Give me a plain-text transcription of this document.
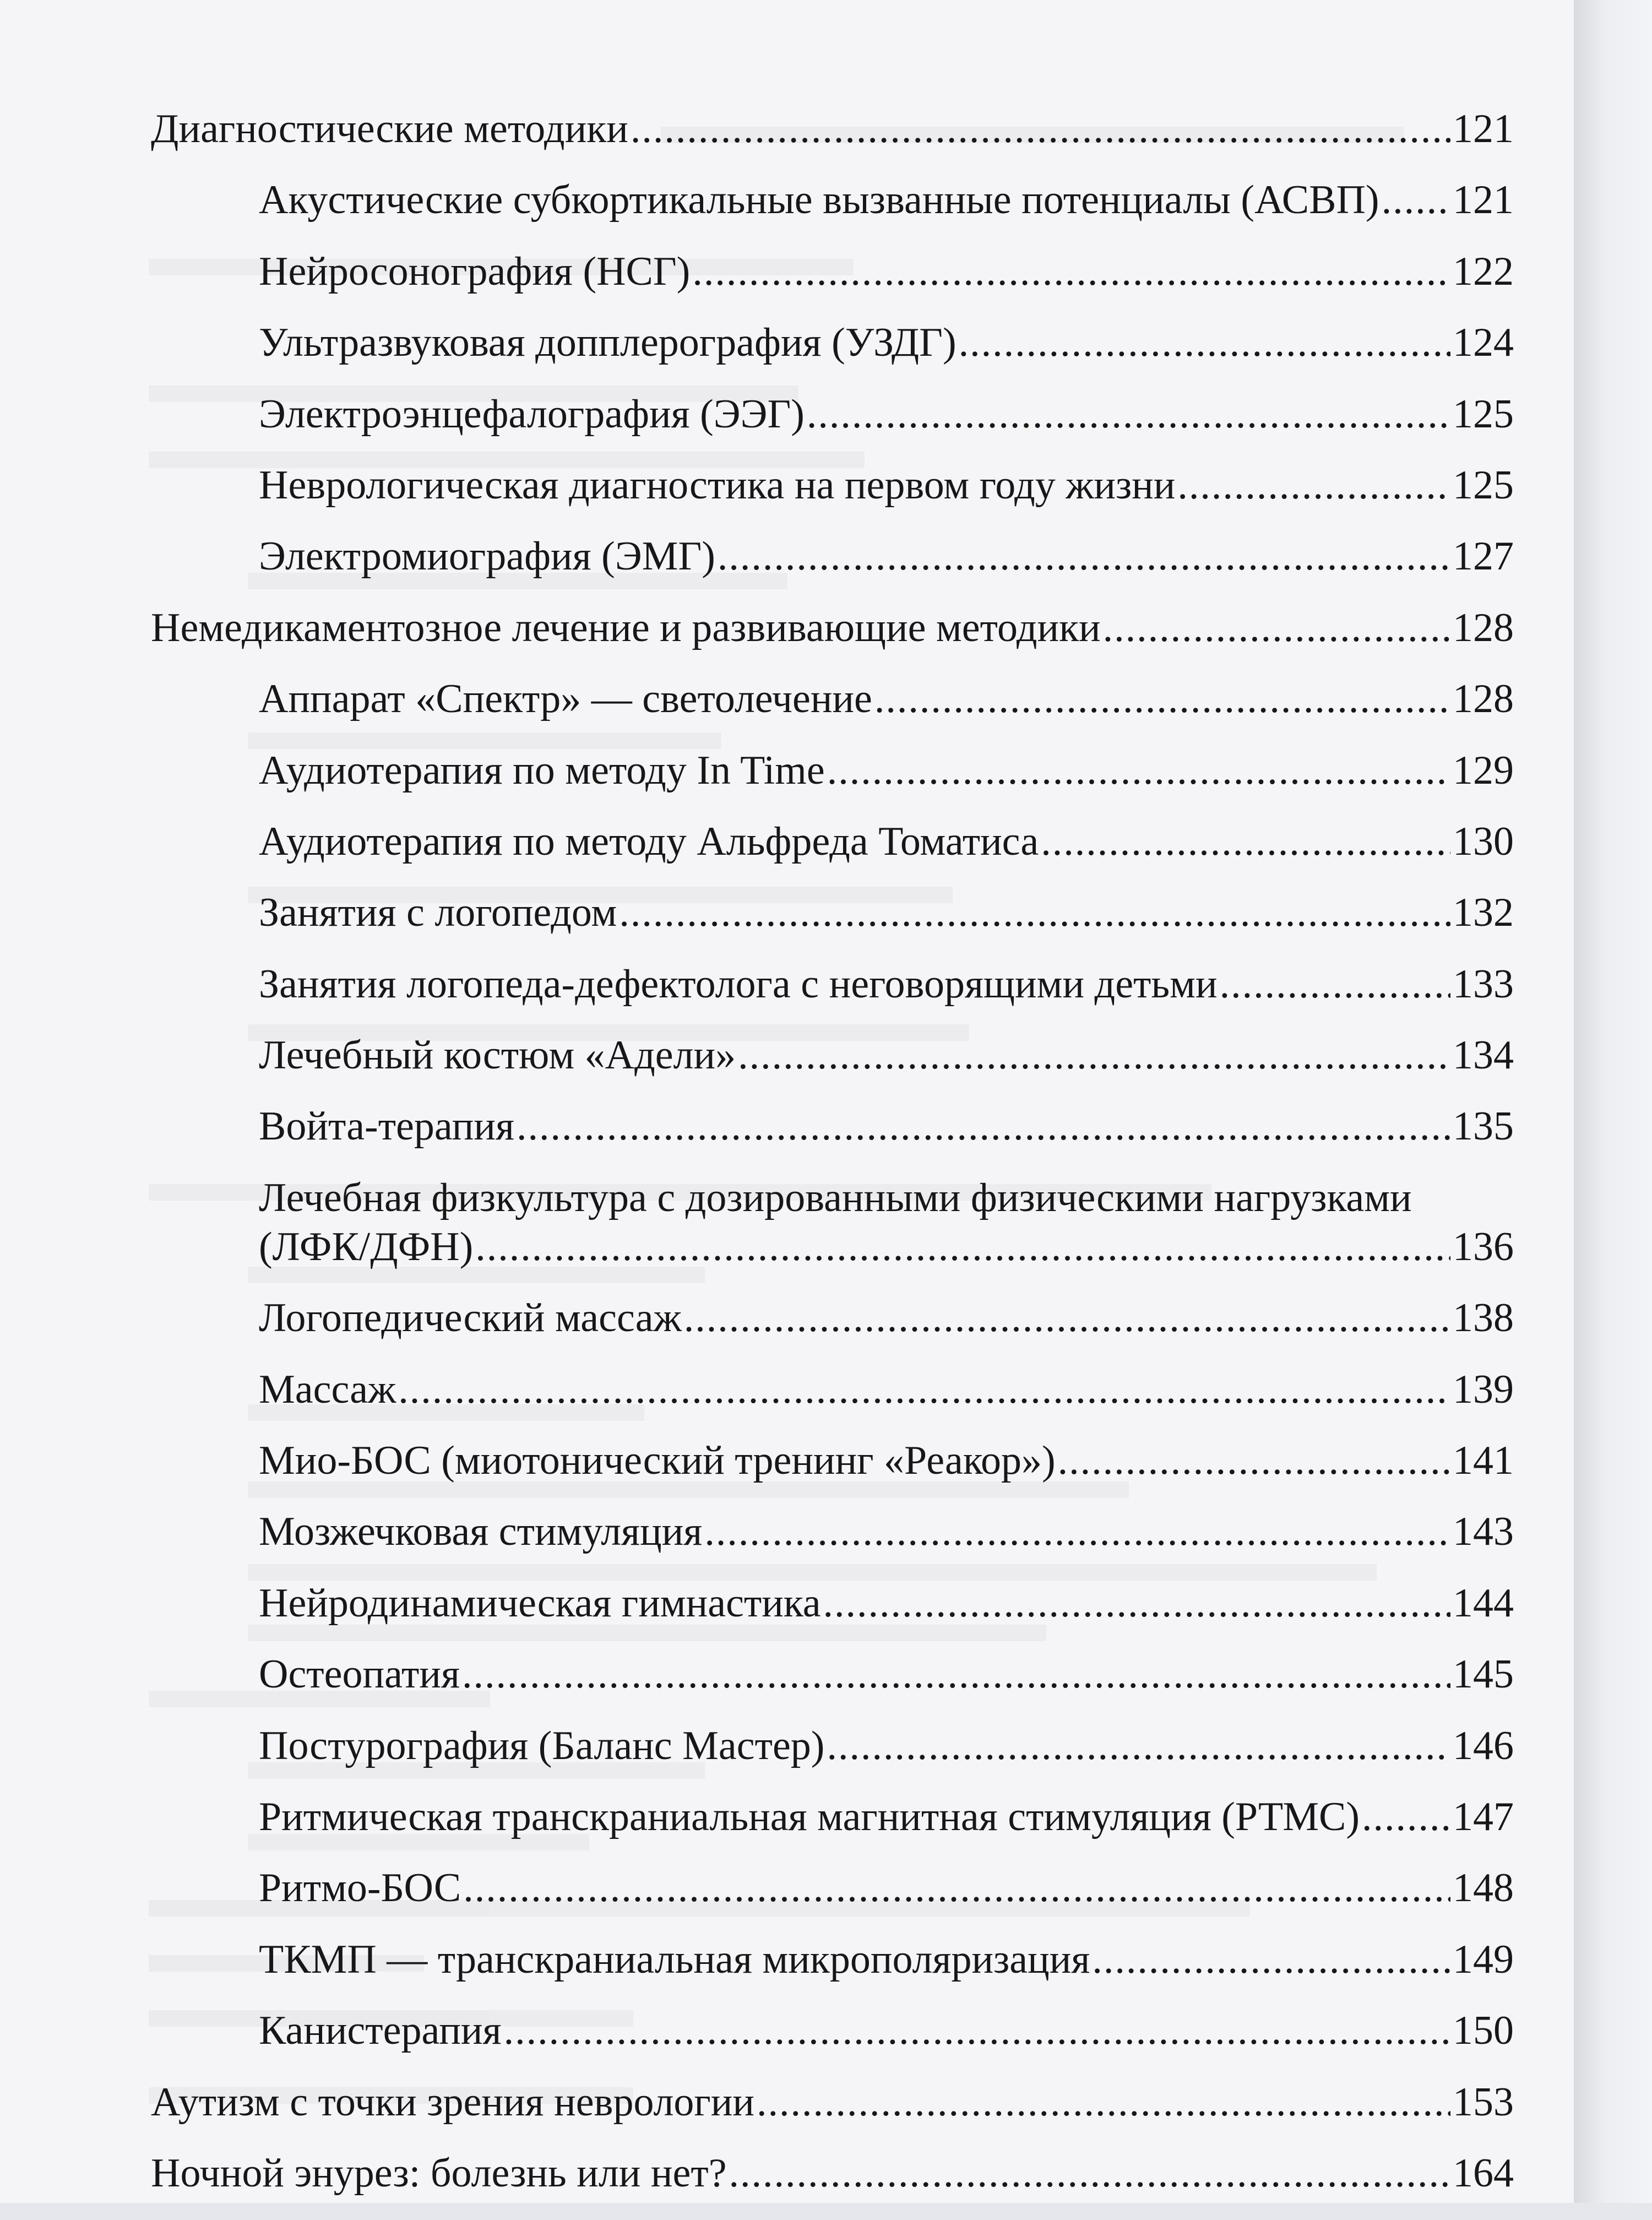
Диагностические методики .....	121
Акустические субкортикальные вызванные потенциалы (АСВП) ..... 121
Нейросонография (НСГ) .....	122
Ультразвуковая допплерография (УЗДГ) .....	124
Электроэнцефалография (ЭЭГ) .....	125
Неврологическая диагностика на первом году жизни .....	125
Электромиография (ЭМГ) .....	127
Немедикаментозное лечение и развивающие методики .....	128
Аппарат «Спектр» — светолечение .....	128
Аудиотерапия по методу In Time .....	129
Аудиотерапия по методу Альфреда Томатиса .....	130
Занятия с логопедом .....	132
Занятия логопеда-дефектолога с неговорящими детьми .....	133
Лечебный костюм «Адели» .....	134
Войта-терапия .....	135
Лечебная физкультура с дозированными физическими нагрузками
(ЛФК/ДФН) .....	136
Логопедический массаж .....	138
Массаж .....	139
Мио-БОС (миотонический тренинг «Реакор») .....	141
Мозжечковая стимуляция .....	143
Нейродинамическая гимнастика .....	144
Остеопатия .....	145
Постурография (Баланс Мастер) .....	146
Ритмическая транскраниальная магнитная стимуляция (РТМС) ..... 147
Ритмо-БОС .....	148
ТКМП — транскраниальная микрополяризация .....	149
Канистерапия .....	150
Аутизм с точки зрения неврологии .....	153
Ночной энурез: болезнь или нет? .....	164
